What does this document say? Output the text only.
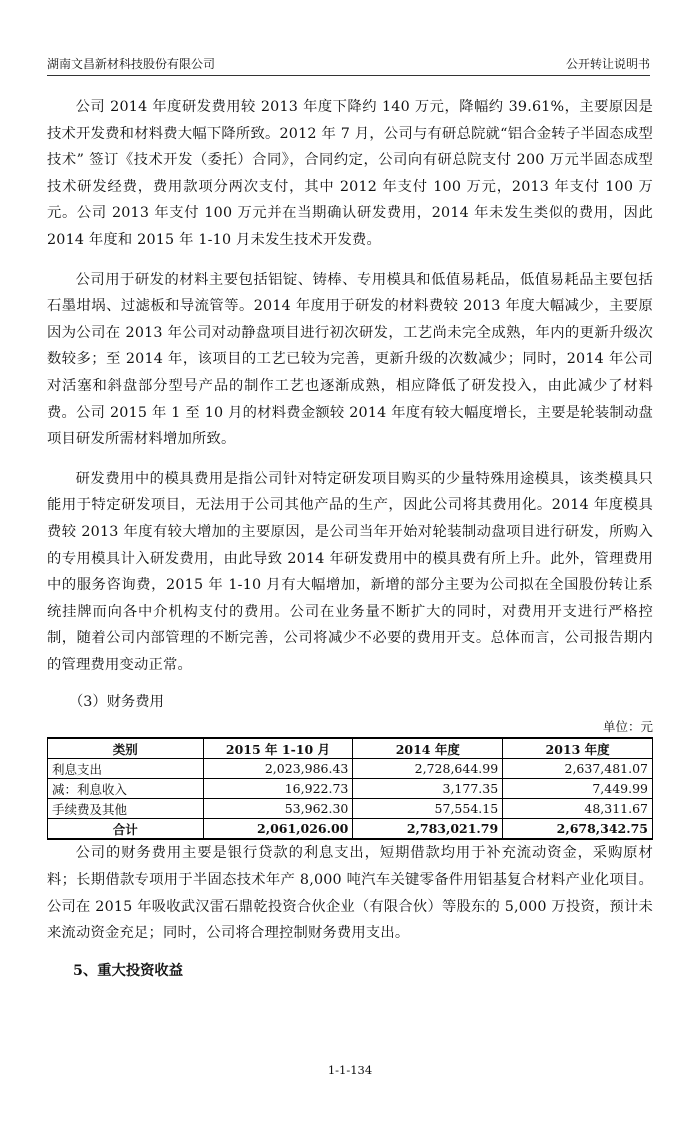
湖南文昌新材科技股份有限公司	公开转让说明书

公司 2014 年度研发费用较 2013 年度下降约 140 万元，降幅约 39.61%，主要原因是技术开发费和材料费大幅下降所致。2012 年 7 月，公司与有研总院就“铝合金转子半固态成型技术” 签订《技术开发（委托）合同》，合同约定，公司向有研总院支付 200 万元半固态成型技术研发经费，费用款项分两次支付，其中 2012 年支付 100 万元，2013 年支付 100 万元。公司 2013 年支付 100 万元并在当期确认研发费用，2014 年未发生类似的费用，因此 2014 年度和 2015 年 1-10 月未发生技术开发费。

公司用于研发的材料主要包括铝锭、铸棒、专用模具和低值易耗品，低值易耗品主要包括石墨坩埚、过滤板和导流管等。2014 年度用于研发的材料费较 2013 年度大幅减少，主要原因为公司在 2013 年公司对动静盘项目进行初次研发，工艺尚未完全成熟，年内的更新升级次数较多；至 2014 年，该项目的工艺已较为完善，更新升级的次数减少；同时，2014 年公司对活塞和斜盘部分型号产品的制作工艺也逐渐成熟，相应降低了研发投入，由此减少了材料费。公司 2015 年 1 至 10 月的材料费金额较 2014 年度有较大幅度增长，主要是轮装制动盘项目研发所需材料增加所致。

研发费用中的模具费用是指公司针对特定研发项目购买的少量特殊用途模具，该类模具只能用于特定研发项目，无法用于公司其他产品的生产，因此公司将其费用化。2014 年度模具费较 2013 年度有较大增加的主要原因，是公司当年开始对轮装制动盘项目进行研发，所购入的专用模具计入研发费用，由此导致 2014 年研发费用中的模具费有所上升。此外，管理费用中的服务咨询费，2015 年 1-10 月有大幅增加，新增的部分主要为公司拟在全国股份转让系统挂牌而向各中介机构支付的费用。公司在业务量不断扩大的同时，对费用开支进行严格控制，随着公司内部管理的不断完善，公司将减少不必要的费用开支。总体而言，公司报告期内的管理费用变动正常。

（3）财务费用
单位：元
类别	2015 年 1-10 月	2014 年度	2013 年度
利息支出	2,023,986.43	2,728,644.99	2,637,481.07
减：利息收入	16,922.73	3,177.35	7,449.99
手续费及其他	53,962.30	57,554.15	48,311.67
合计	2,061,026.00	2,783,021.79	2,678,342.75

公司的财务费用主要是银行贷款的利息支出，短期借款均用于补充流动资金，采购原材料；长期借款专项用于半固态技术年产 8,000 吨汽车关键零备件用铝基复合材料产业化项目。公司在 2015 年吸收武汉雷石鼎乾投资合伙企业（有限合伙）等股东的 5,000 万投资，预计未来流动资金充足；同时，公司将合理控制财务费用支出。

5、重大投资收益
1-1-134
